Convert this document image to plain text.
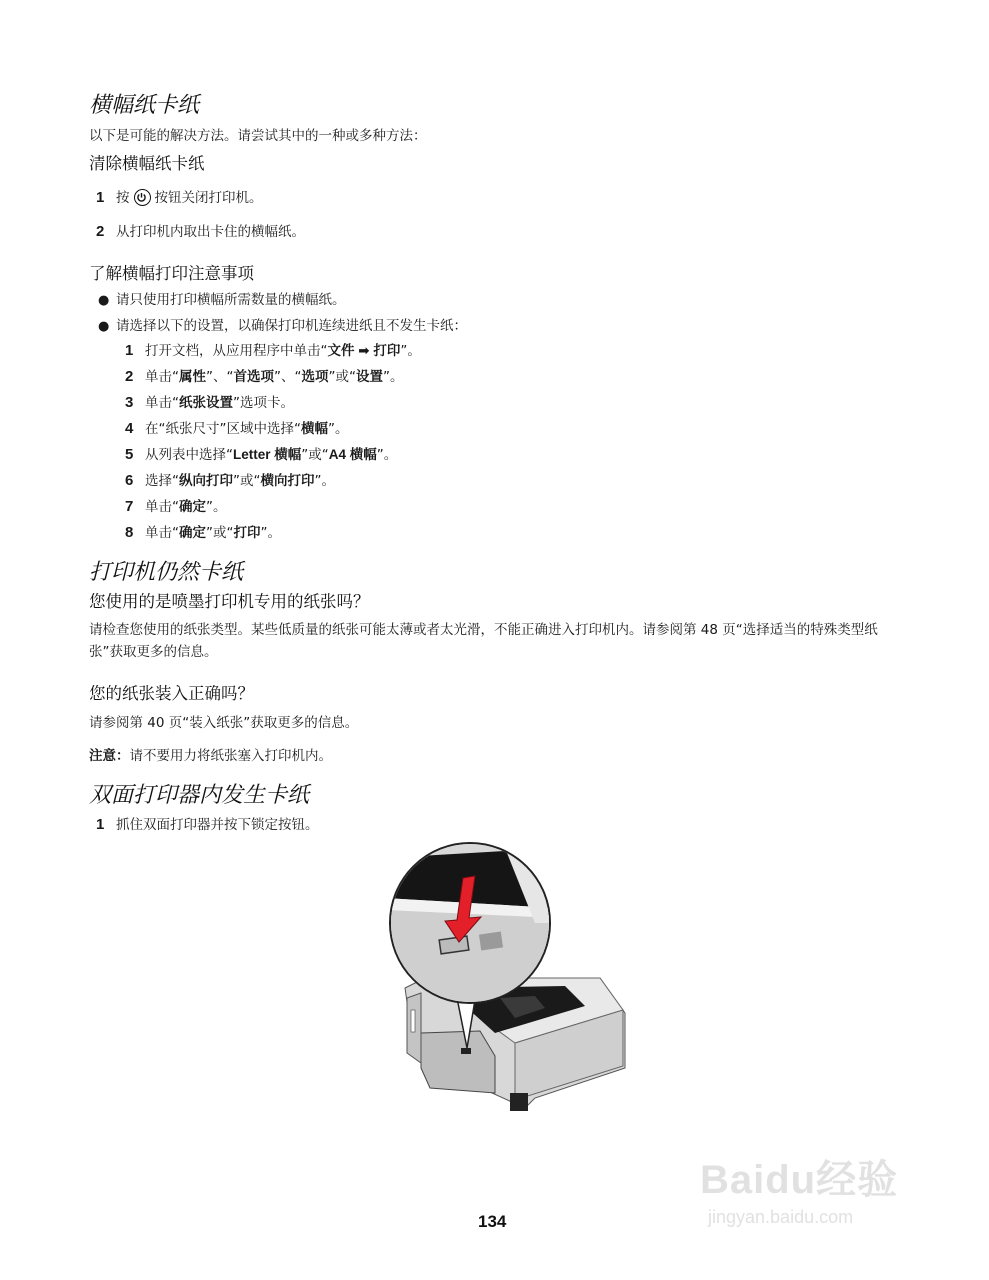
横幅纸卡纸
以下是可能的解决方法。请尝试其中的一种或多种方法：
清除横幅纸卡纸
1 按 按钮关闭打印机。
2 从打印机内取出卡住的横幅纸。
了解横幅打印注意事项
● 请只使用打印横幅所需数量的横幅纸。
● 请选择以下的设置，以确保打印机连续进纸且不发生卡纸：
1 打开文档，从应用程序中单击“文件 ➡ 打印”。
2 单击“属性”、“首选项”、“选项”或“设置”。
3 单击“纸张设置”选项卡。
4 在“纸张尺寸”区域中选择“横幅”。
5 从列表中选择“Letter 横幅”或“A4 横幅”。
6 选择“纵向打印”或“横向打印”。
7 单击“确定”。
8 单击“确定”或“打印”。
打印机仍然卡纸
您使用的是喷墨打印机专用的纸张吗？
请检查您使用的纸张类型。某些低质量的纸张可能太薄或者太光滑，不能正确进入打印机内。请参阅第 48 页“选择适当的特殊类型纸张”获取更多的信息。
您的纸张装入正确吗？
请参阅第 40 页“装入纸张”获取更多的信息。
注意：请不要用力将纸张塞入打印机内。
双面打印器内发生卡纸
1 抓住双面打印器并按下锁定按钮。
134
Baidu经验
jingyan.baidu.com
